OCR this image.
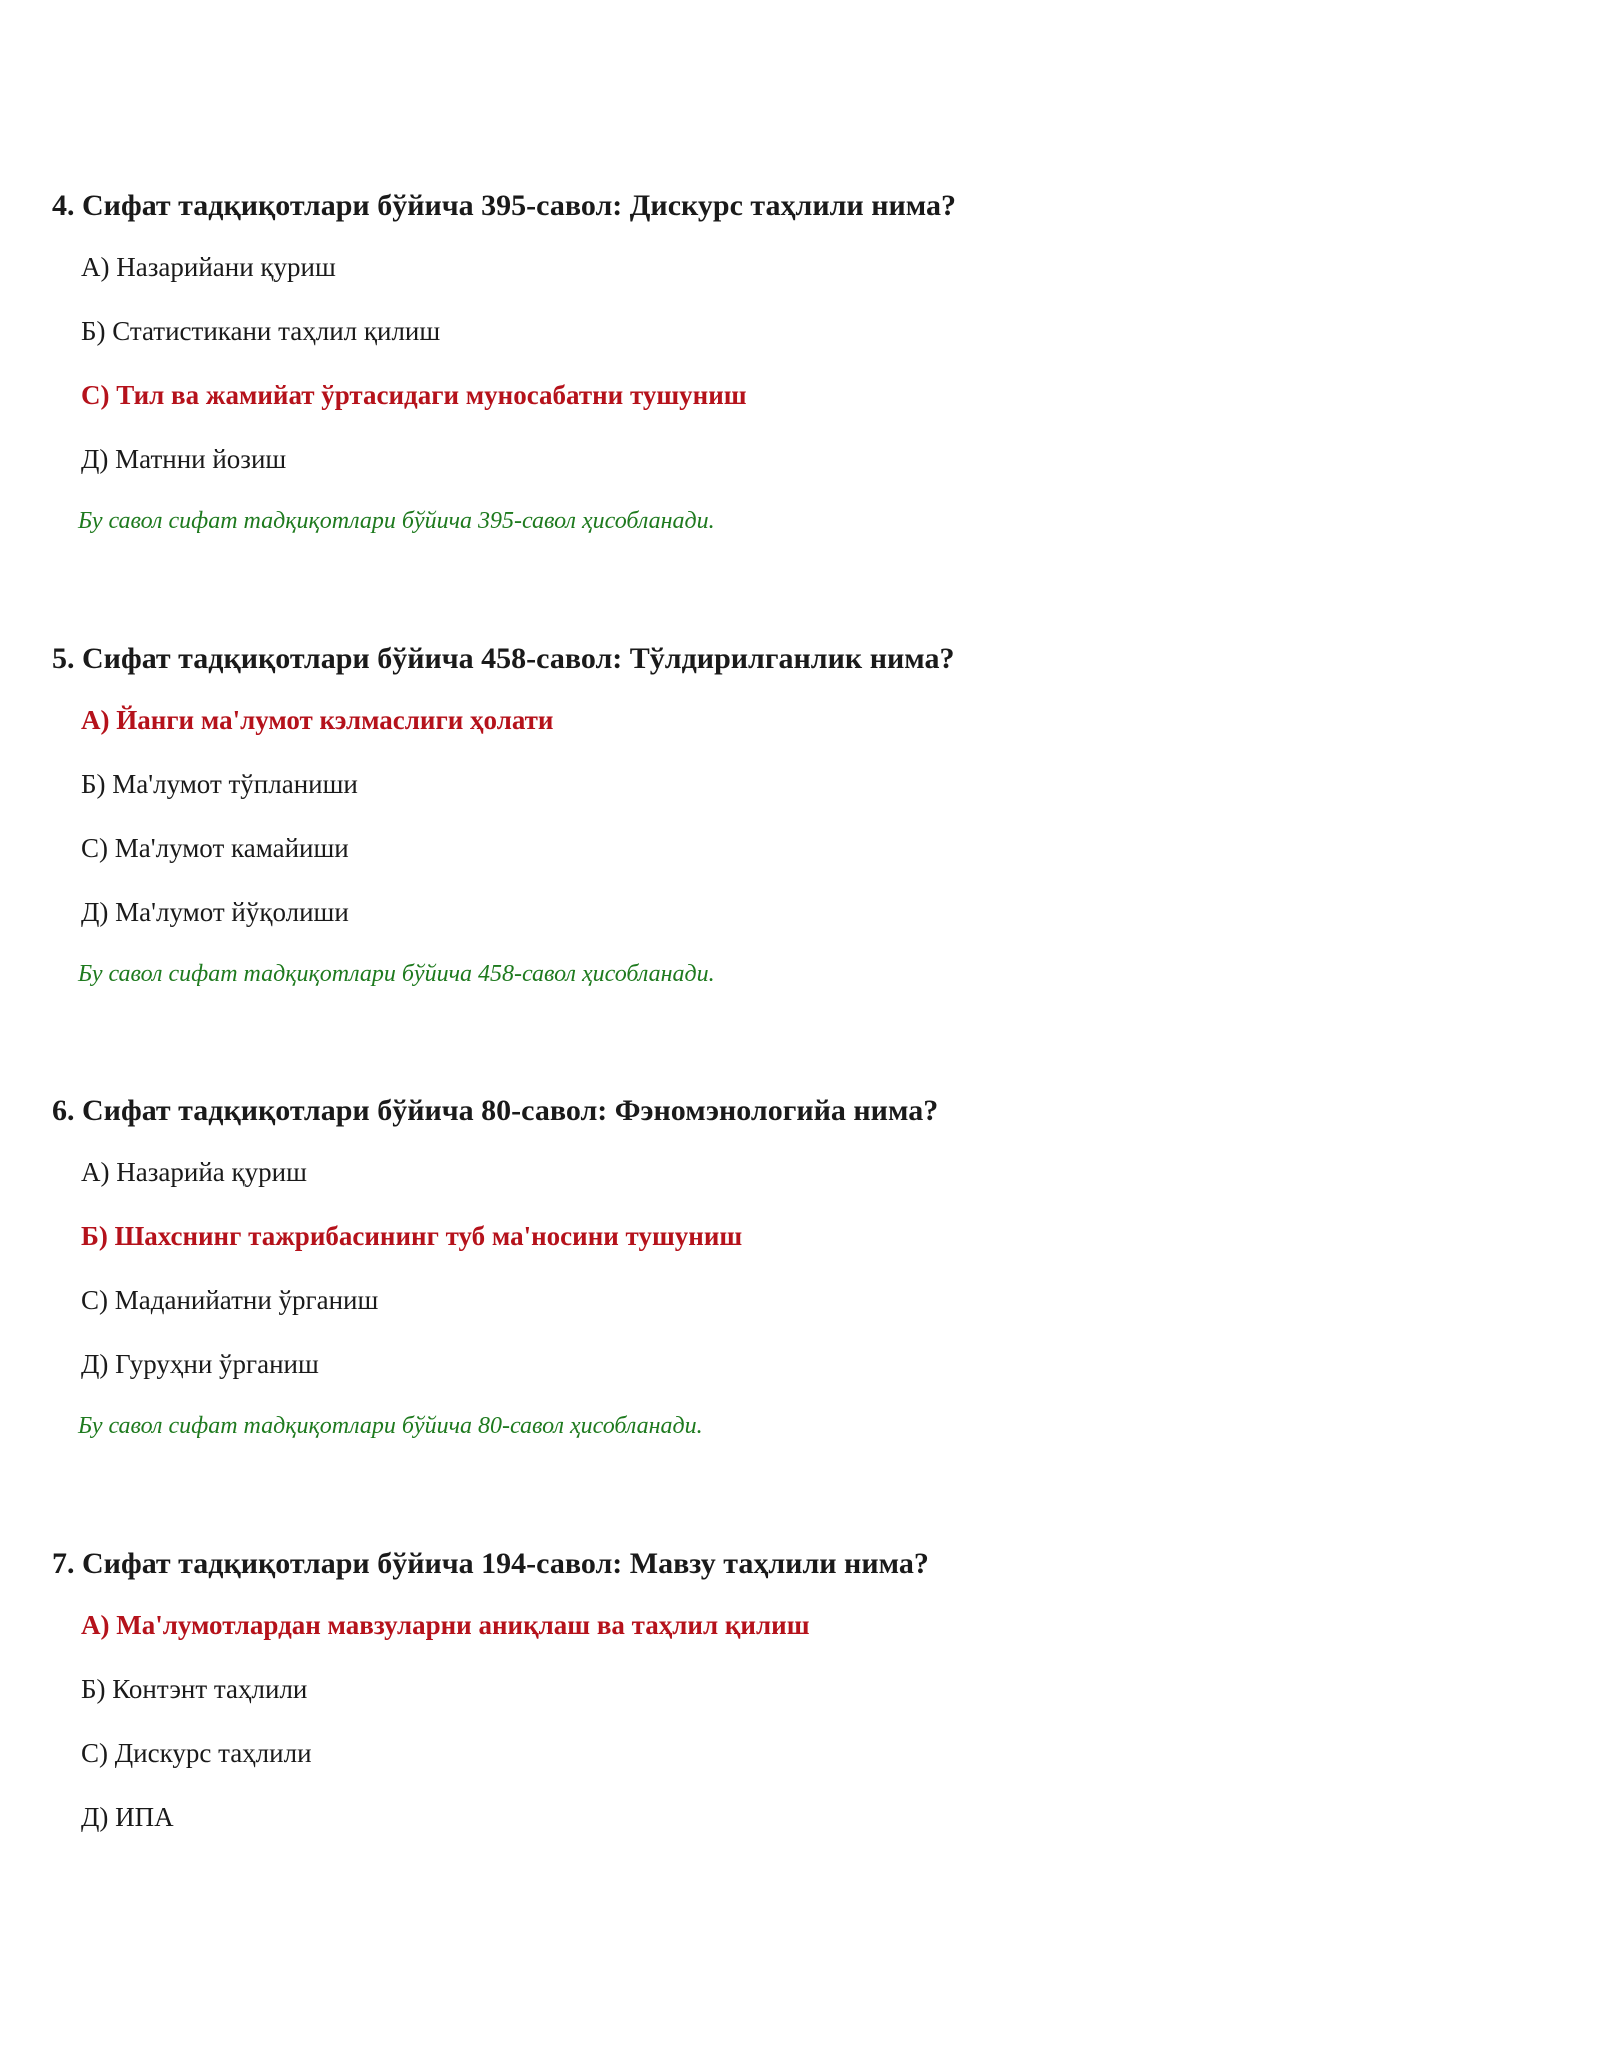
4. Сифат тадқиқотлари бўйича 395-савол: Дискурс таҳлили нима?
А) Назарийани қуриш
Б) Статистикани таҳлил қилиш
С) Тил ва жамийат ўртасидаги муносабатни тушуниш
Д) Матнни йозиш
Бу савол сифат тадқиқотлари бўйича 395-савол ҳисобланади.
5. Сифат тадқиқотлари бўйича 458-савол: Тўлдирилганлик нима?
А) Йанги ма'лумот кэлмаслиги ҳолати
Б) Ма'лумот тўпланиши
С) Ма'лумот камайиши
Д) Ма'лумот йўқолиши
Бу савол сифат тадқиқотлари бўйича 458-савол ҳисобланади.
6. Сифат тадқиқотлари бўйича 80-савол: Фэномэнологийа нима?
А) Назарийа қуриш
Б) Шахснинг тажрибасининг туб ма'носини тушуниш
С) Маданийатни ўрганиш
Д) Гуруҳни ўрганиш
Бу савол сифат тадқиқотлари бўйича 80-савол ҳисобланади.
7. Сифат тадқиқотлари бўйича 194-савол: Мавзу таҳлили нима?
А) Ма'лумотлардан мавзуларни аниқлаш ва таҳлил қилиш
Б) Контэнт таҳлили
С) Дискурс таҳлили
Д) ИПА
